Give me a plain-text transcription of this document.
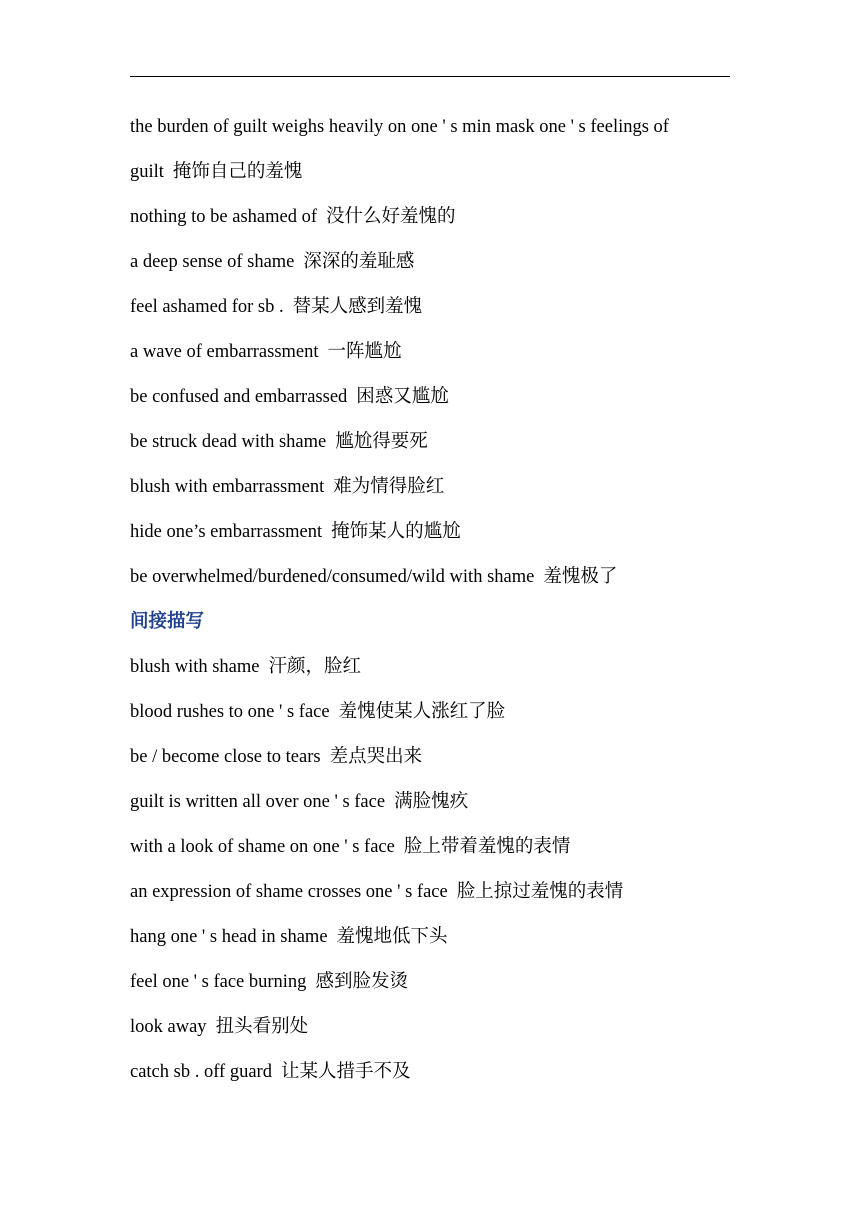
the burden of guilt weighs heavily on one ' s min mask one ' s feelings of
guilt 掩饰自己的羞愧
nothing to be ashamed of 没什么好羞愧的
a deep sense of shame 深深的羞耻感
feel ashamed for sb . 替某人感到羞愧
a wave of embarrassment 一阵尴尬
be confused and embarrassed 困惑又尴尬
be struck dead with shame 尴尬得要死
blush with embarrassment 难为情得脸红
hide one’s embarrassment 掩饰某人的尴尬
be overwhelmed/burdened/consumed/wild with shame 羞愧极了
间接描写
blush with shame 汗颜，脸红
blood rushes to one ' s face 羞愧使某人涨红了脸
be / become close to tears 差点哭出来
guilt is written all over one ' s face 满脸愧疚
with a look of shame on one ' s face 脸上带着羞愧的表情
an expression of shame crosses one ' s face 脸上掠过羞愧的表情
hang one ' s head in shame 羞愧地低下头
feel one ' s face burning 感到脸发烫
look away 扭头看别处
catch sb . off guard 让某人措手不及
